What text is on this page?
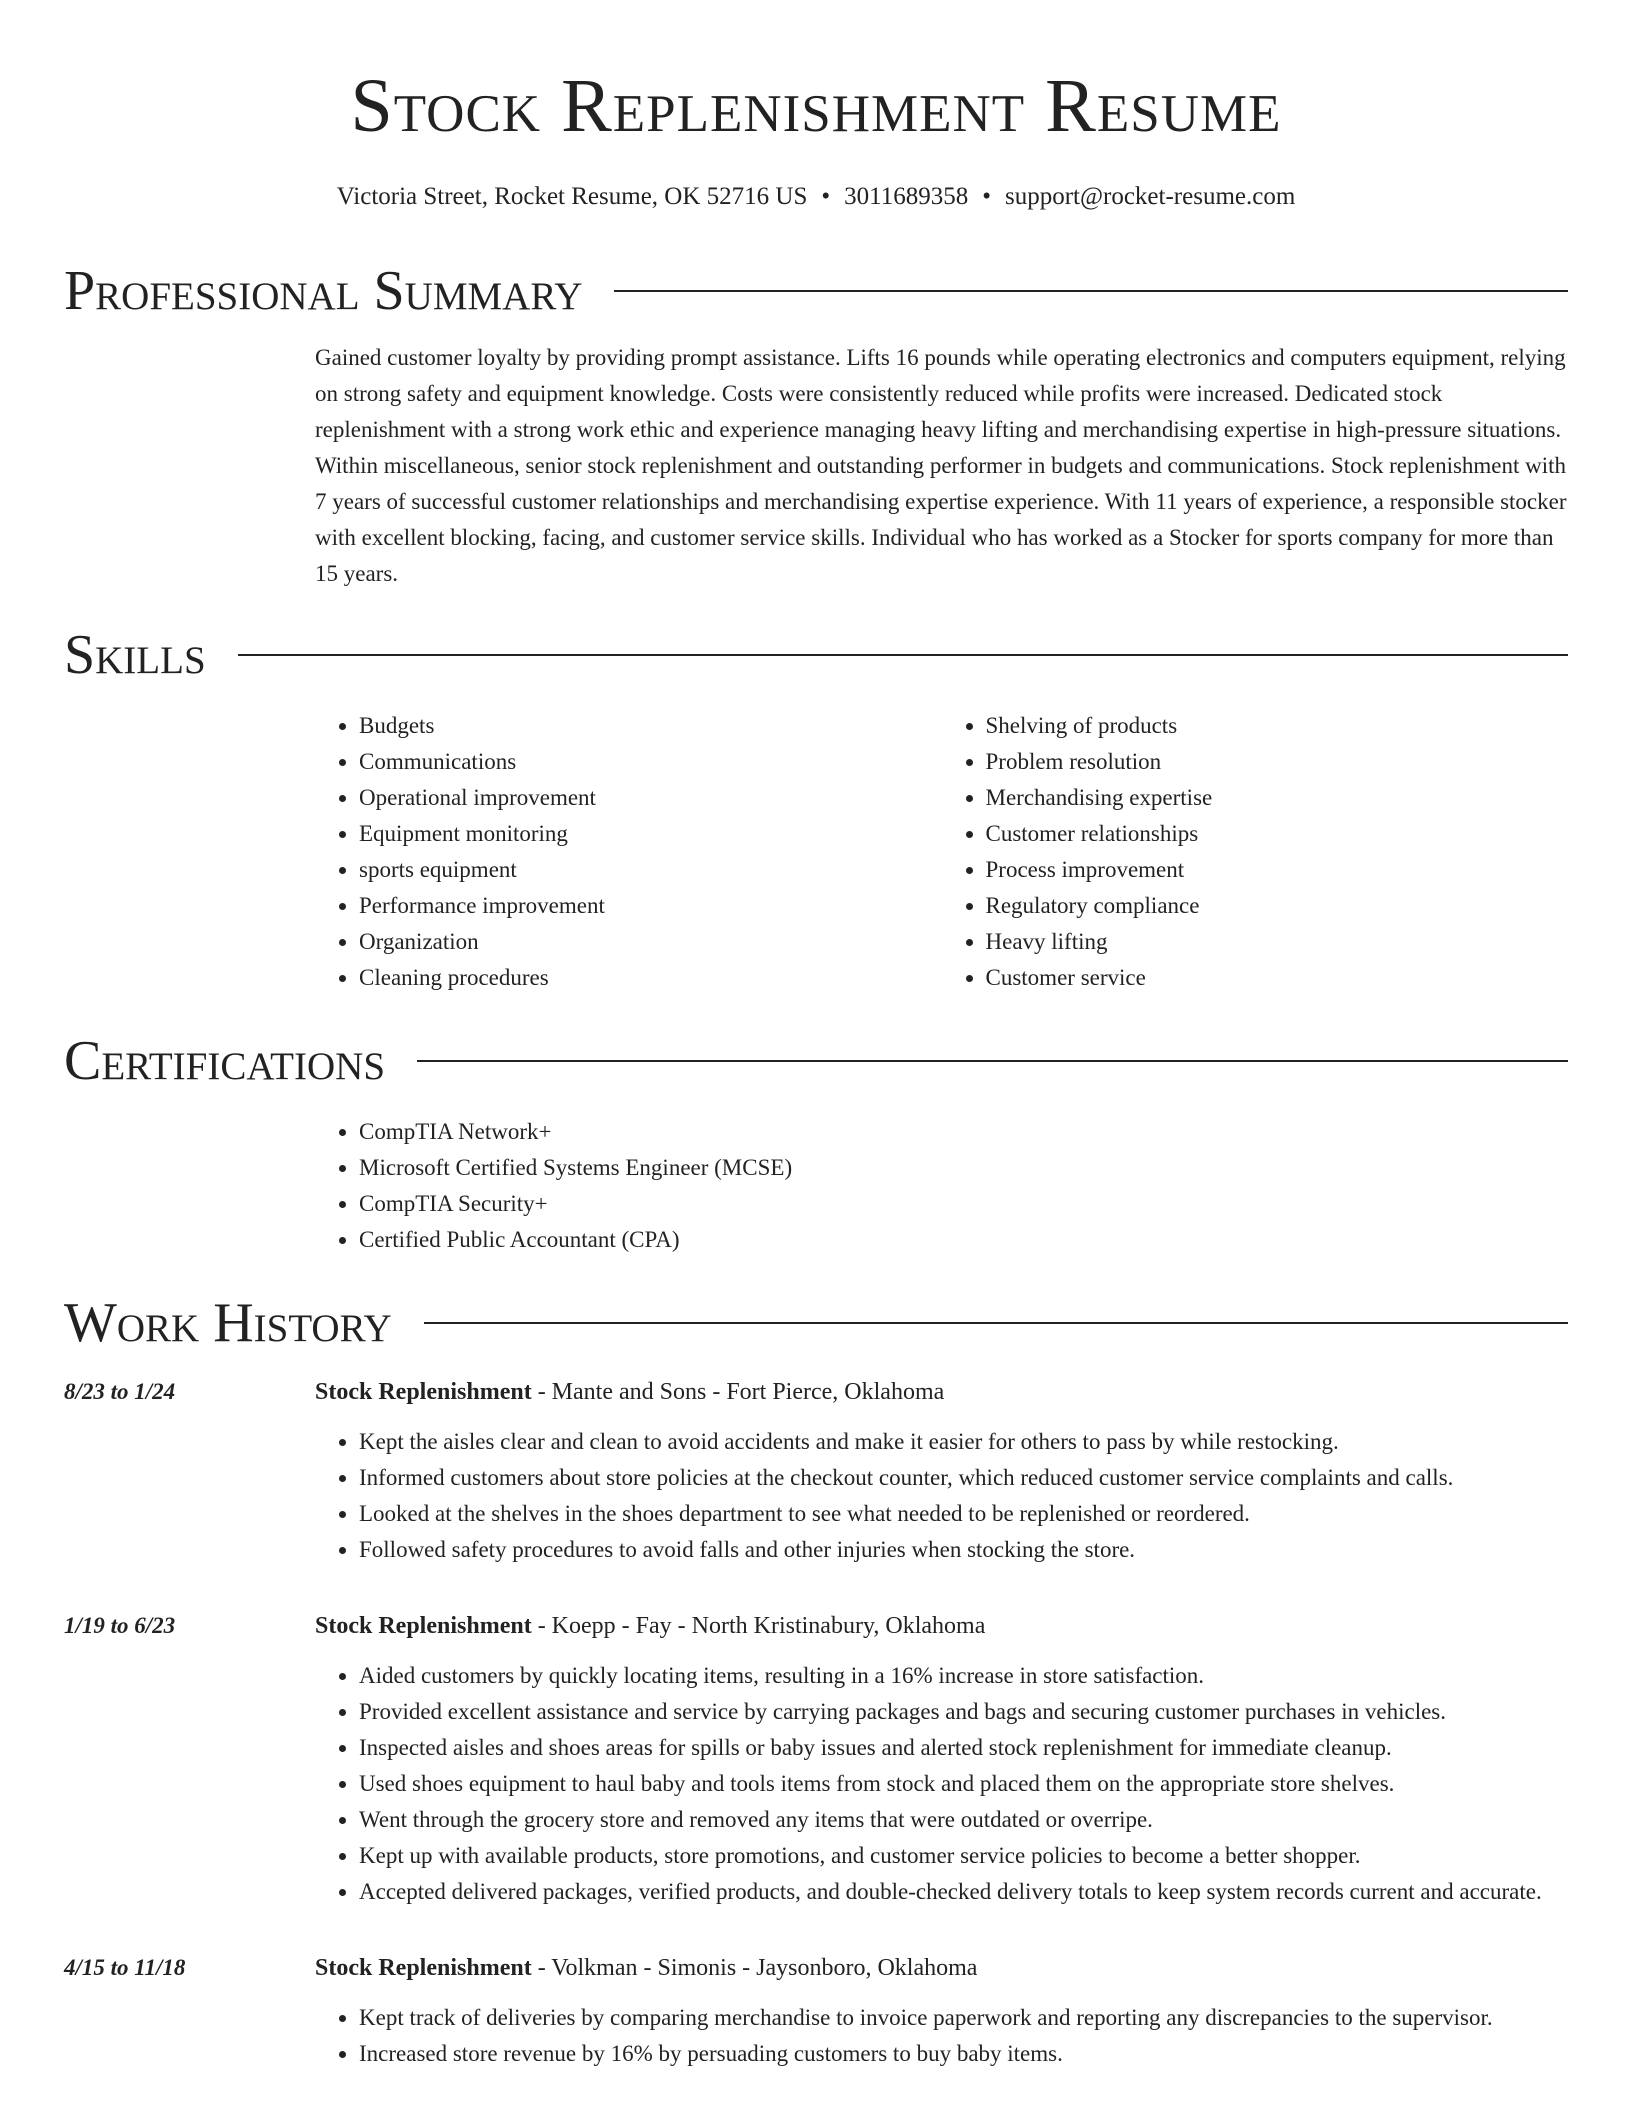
Stock Replenishment Resume
Victoria Street, Rocket Resume, OK 52716 US • 3011689358 • support@rocket-resume.com
Professional Summary
Gained customer loyalty by providing prompt assistance. Lifts 16 pounds while operating electronics and computers equipment, relying on strong safety and equipment knowledge. Costs were consistently reduced while profits were increased. Dedicated stock replenishment with a strong work ethic and experience managing heavy lifting and merchandising expertise in high-pressure situations. Within miscellaneous, senior stock replenishment and outstanding performer in budgets and communications. Stock replenishment with 7 years of successful customer relationships and merchandising expertise experience. With 11 years of experience, a responsible stocker with excellent blocking, facing, and customer service skills. Individual who has worked as a Stocker for sports company for more than 15 years.
Skills
• Budgets
• Communications
• Operational improvement
• Equipment monitoring
• sports equipment
• Performance improvement
• Organization
• Cleaning procedures
• Shelving of products
• Problem resolution
• Merchandising expertise
• Customer relationships
• Process improvement
• Regulatory compliance
• Heavy lifting
• Customer service
Certifications
• CompTIA Network+
• Microsoft Certified Systems Engineer (MCSE)
• CompTIA Security+
• Certified Public Accountant (CPA)
Work History
8/23 to 1/24	Stock Replenishment - Mante and Sons - Fort Pierce, Oklahoma
• Kept the aisles clear and clean to avoid accidents and make it easier for others to pass by while restocking.
• Informed customers about store policies at the checkout counter, which reduced customer service complaints and calls.
• Looked at the shelves in the shoes department to see what needed to be replenished or reordered.
• Followed safety procedures to avoid falls and other injuries when stocking the store.
1/19 to 6/23	Stock Replenishment - Koepp - Fay - North Kristinabury, Oklahoma
• Aided customers by quickly locating items, resulting in a 16% increase in store satisfaction.
• Provided excellent assistance and service by carrying packages and bags and securing customer purchases in vehicles.
• Inspected aisles and shoes areas for spills or baby issues and alerted stock replenishment for immediate cleanup.
• Used shoes equipment to haul baby and tools items from stock and placed them on the appropriate store shelves.
• Went through the grocery store and removed any items that were outdated or overripe.
• Kept up with available products, store promotions, and customer service policies to become a better shopper.
• Accepted delivered packages, verified products, and double-checked delivery totals to keep system records current and accurate.
4/15 to 11/18	Stock Replenishment - Volkman - Simonis - Jaysonboro, Oklahoma
• Kept track of deliveries by comparing merchandise to invoice paperwork and reporting any discrepancies to the supervisor.
• Increased store revenue by 16% by persuading customers to buy baby items.
